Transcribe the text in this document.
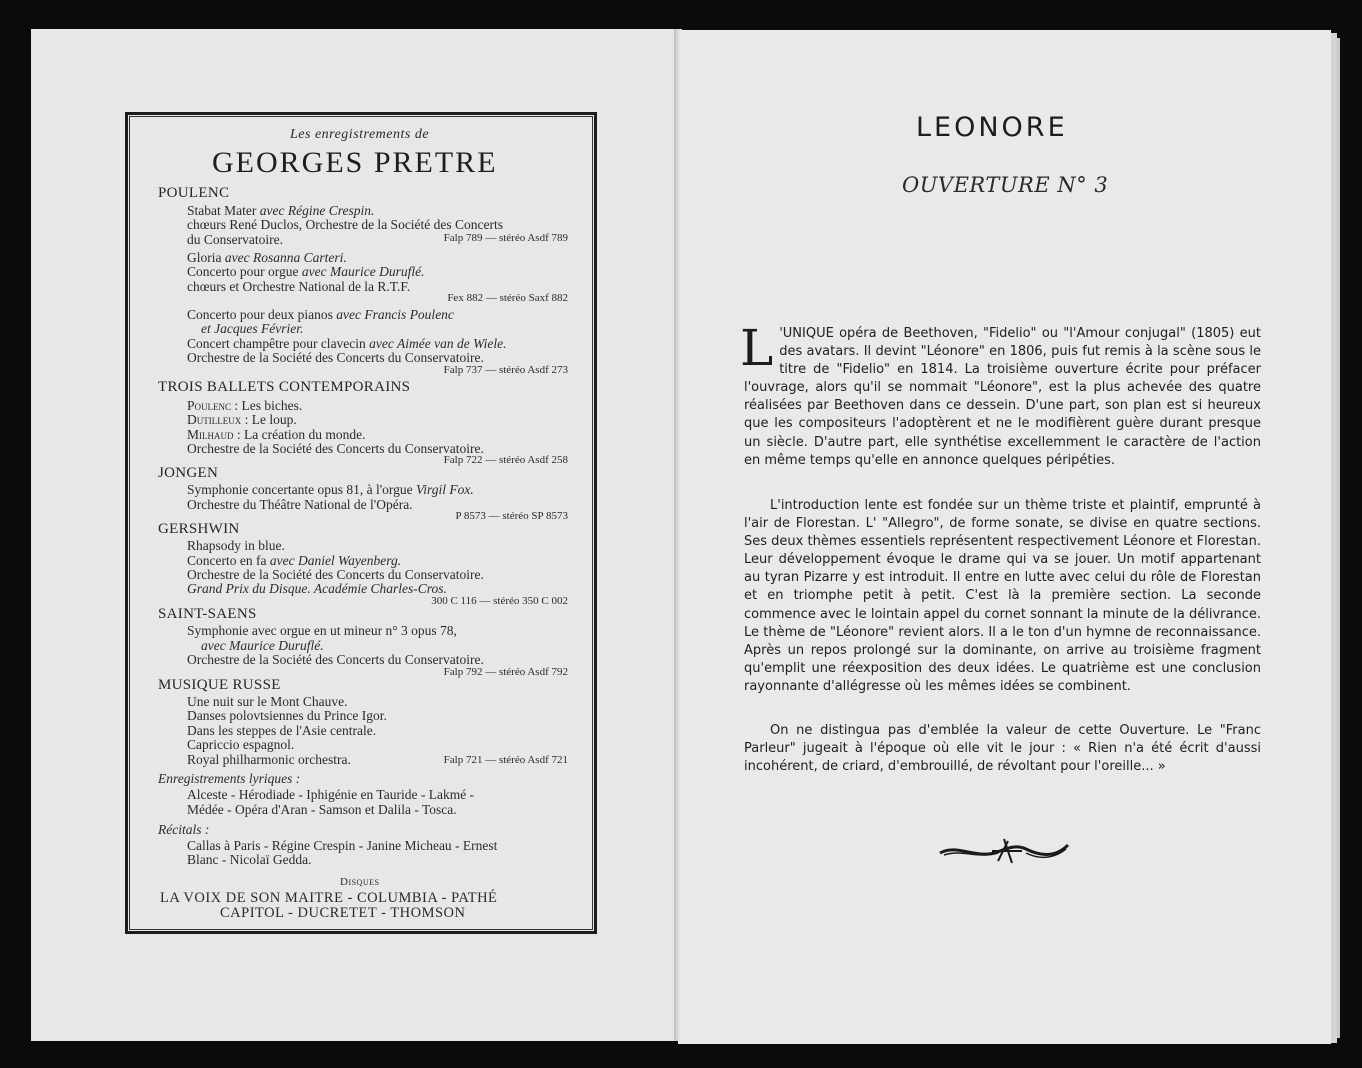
Les enregistrements de
GEORGES PRETRE
POULENC
Stabat Mater avec Régine Crespin.
chœurs René Duclos, Orchestre de la Société des Concerts
du Conservatoire.	Falp 789 — stéréo Asdf 789
Gloria avec Rosanna Carteri.
Concerto pour orgue avec Maurice Duruflé.
chœurs et Orchestre National de la R.T.F.
Fex 882 — stéréo Saxf 882
Concerto pour deux pianos avec Francis Poulenc
et Jacques Février.
Concert champêtre pour clavecin avec Aimée van de Wiele.
Orchestre de la Société des Concerts du Conservatoire.
Falp 737 — stéréo Asdf 273
TROIS BALLETS CONTEMPORAINS
Poulenc : Les biches.
Dutilleux : Le loup.
Milhaud : La création du monde.
Orchestre de la Société des Concerts du Conservatoire.
Falp 722 — stéréo Asdf 258
JONGEN
Symphonie concertante opus 81, à l'orgue Virgil Fox.
Orchestre du Théâtre National de l'Opéra.
P 8573 — stéréo SP 8573
GERSHWIN
Rhapsody in blue.
Concerto en fa avec Daniel Wayenberg.
Orchestre de la Société des Concerts du Conservatoire.
Grand Prix du Disque. Académie Charles-Cros.
300 C 116 — stéréo 350 C 002
SAINT-SAENS
Symphonie avec orgue en ut mineur n° 3 opus 78,
avec Maurice Duruflé.
Orchestre de la Société des Concerts du Conservatoire.
Falp 792 — stéréo Asdf 792
MUSIQUE RUSSE
Une nuit sur le Mont Chauve.
Danses polovtsiennes du Prince Igor.
Dans les steppes de l'Asie centrale.
Capriccio espagnol.
Royal philharmonic orchestra.	Falp 721 — stéréo Asdf 721
Enregistrements lyriques :
Alceste - Hérodiade - Iphigénie en Tauride - Lakmé -
Médée - Opéra d'Aran - Samson et Dalila - Tosca.
Récitals :
Callas à Paris - Régine Crespin - Janine Micheau - Ernest
Blanc - Nicolaï Gedda.
Disques
LA VOIX DE SON MAITRE - COLUMBIA - PATHÉ
CAPITOL - DUCRETET - THOMSON
LEONORE
OUVERTURE N° 3
L 'UNIQUE opéra de Beethoven, "Fidelio" ou "l'Amour conjugal" (1805) eut des avatars. Il devint "Léonore" en 1806, puis fut remis à la scène sous le titre de "Fidelio" en 1814. La troisième ouverture écrite pour préfacer l'ouvrage, alors qu'il se nommait "Léonore", est la plus achevée des quatre réalisées par Beethoven dans ce dessein. D'une part, son plan est si heureux que les compositeurs l'adoptèrent et ne le modifièrent guère durant presque un siècle. D'autre part, elle synthétise excellemment le caractère de l'action en même temps qu'elle en annonce quelques péripéties.
L'introduction lente est fondée sur un thème triste et plaintif, emprunté à l'air de Florestan. L' "Allegro", de forme sonate, se divise en quatre sections. Ses deux thèmes essentiels représentent respectivement Léonore et Florestan. Leur développement évoque le drame qui va se jouer. Un motif appartenant au tyran Pizarre y est introduit. Il entre en lutte avec celui du rôle de Florestan et en triomphe petit à petit. C'est là la première section. La seconde commence avec le lointain appel du cornet sonnant la minute de la délivrance. Le thème de "Léonore" revient alors. Il a le ton d'un hymne de reconnaissance. Après un repos prolongé sur la dominante, on arrive au troisième fragment qu'emplit une réexposition des deux idées. Le quatrième est une conclusion rayonnante d'allégresse où les mêmes idées se combinent.
On ne distingua pas d'emblée la valeur de cette Ouverture. Le "Franc Parleur" jugeait à l'époque où elle vit le jour : « Rien n'a été écrit d'aussi incohérent, de criard, d'embrouillé, de révoltant pour l'oreille... »
